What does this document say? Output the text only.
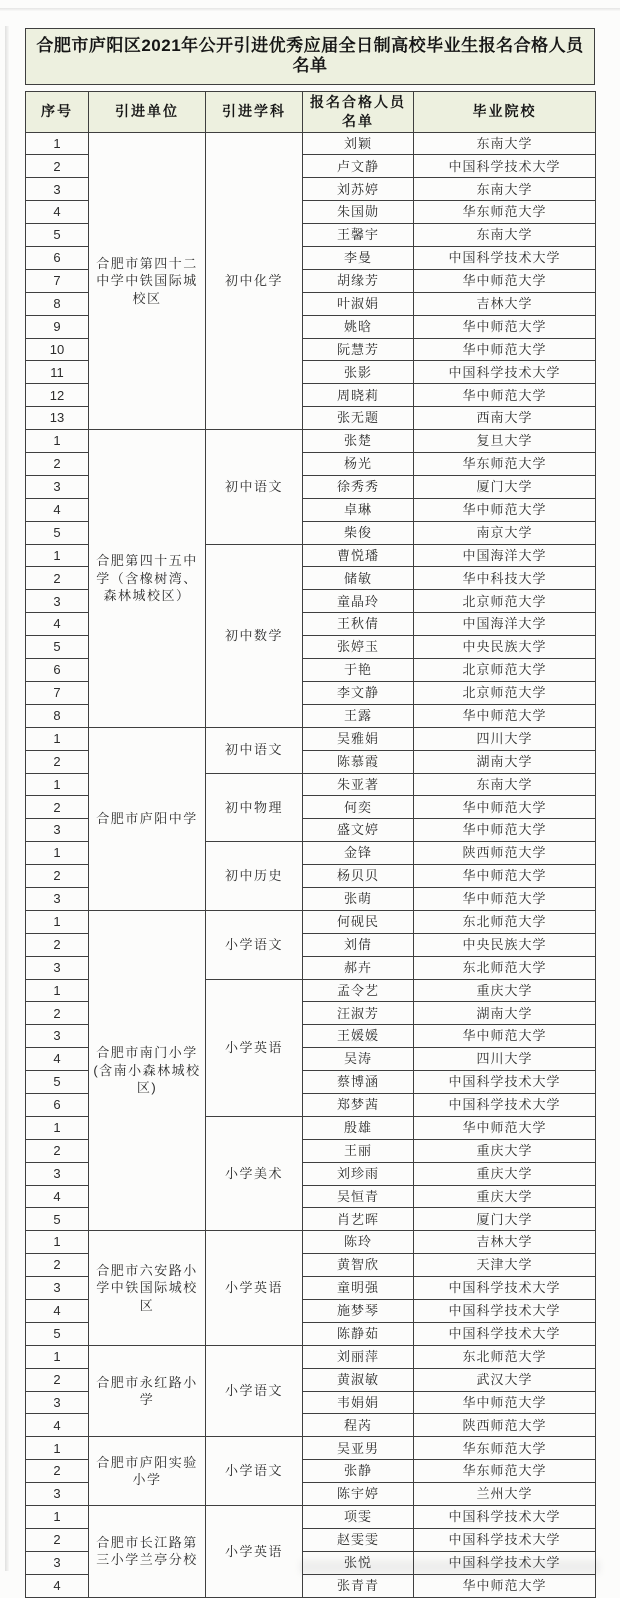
合肥市庐阳区2021年公开引进优秀应届全日制高校毕业生报名合格人员名单
序号	引进单位	引进学科	报名合格人员名单	毕业院校
1	合肥市第四十二中学中铁国际城校区	初中化学	刘颖	东南大学
2			卢文静	中国科学技术大学
3			刘苏婷	东南大学
4			朱国勋	华东师范大学
5			王馨宇	东南大学
6			李曼	中国科学技术大学
7			胡缘芳	华中师范大学
8			叶淑娟	吉林大学
9			姚晗	华中师范大学
10			阮慧芳	华中师范大学
11			张影	中国科学技术大学
12			周晓莉	华中师范大学
13			张无题	西南大学
1	合肥第四十五中学（含橡树湾、森林城校区）	初中语文	张楚	复旦大学
2			杨光	华东师范大学
3			徐秀秀	厦门大学
4			卓琳	华中师范大学
5			柴俊	南京大学
1		初中数学	曹悦璠	中国海洋大学
2			储敏	华中科技大学
3			童晶玲	北京师范大学
4			王秋倩	中国海洋大学
5			张婷玉	中央民族大学
6			于艳	北京师范大学
7			李文静	北京师范大学
8			王露	华中师范大学
1	合肥市庐阳中学	初中语文	吴雅娟	四川大学
2			陈慕霞	湖南大学
1		初中物理	朱亚著	东南大学
2			何奕	华中师范大学
3			盛文婷	华中师范大学
1		初中历史	金锋	陕西师范大学
2			杨贝贝	华中师范大学
3			张萌	华中师范大学
1	合肥市南门小学(含南小森林城校区)	小学语文	何砚民	东北师范大学
2			刘倩	中央民族大学
3			郝卉	东北师范大学
1		小学英语	孟令艺	重庆大学
2			汪淑芳	湖南大学
3			王媛媛	华中师范大学
4			吴涛	四川大学
5			蔡博涵	中国科学技术大学
6			郑梦茜	中国科学技术大学
1		小学美术	殷雄	华中师范大学
2			王丽	重庆大学
3			刘珍雨	重庆大学
4			吴恒青	重庆大学
5			肖艺晖	厦门大学
1	合肥市六安路小学中铁国际城校区	小学英语	陈玲	吉林大学
2			黄智欣	天津大学
3			童明强	中国科学技术大学
4			施梦琴	中国科学技术大学
5			陈静茹	中国科学技术大学
1	合肥市永红路小学	小学语文	刘丽萍	东北师范大学
2			黄淑敏	武汉大学
3			韦娟娟	华中师范大学
4			程芮	陕西师范大学
1	合肥市庐阳实验小学	小学语文	吴亚男	华东师范大学
2			张静	华东师范大学
3			陈宇婷	兰州大学
1	合肥市长江路第三小学兰亭分校	小学英语	项雯	中国科学技术大学
2			赵雯雯	中国科学技术大学
3			张悦	中国科学技术大学
4			张青青	华中师范大学
